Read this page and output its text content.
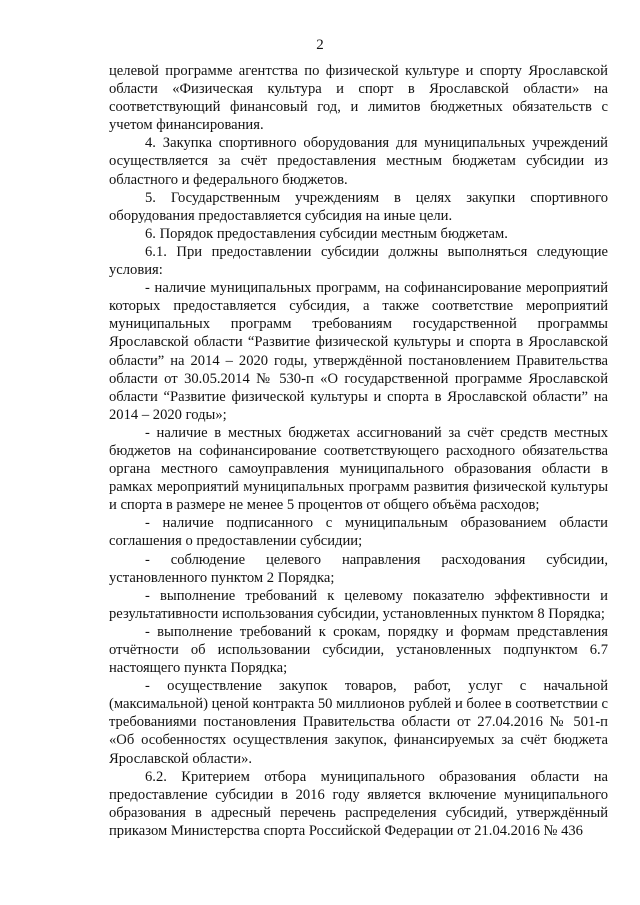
2

целевой программе агентства по физической культуре и спорту Ярославской области «Физическая культура и спорт в Ярославской области» на соответствующий финансовый год, и лимитов бюджетных обязательств с учетом финансирования.

4. Закупка спортивного оборудования для муниципальных учреждений осуществляется за счёт предоставления местным бюджетам субсидии из областного и федерального бюджетов.

5. Государственным учреждениям в целях закупки спортивного оборудования предоставляется субсидия на иные цели.

6. Порядок предоставления субсидии местным бюджетам.

6.1. При предоставлении субсидии должны выполняться следующие условия:

- наличие муниципальных программ, на софинансирование мероприятий которых предоставляется субсидия, а также соответствие мероприятий муниципальных программ требованиям государственной программы Ярославской области “Развитие физической культуры и спорта в Ярославской области” на 2014 – 2020 годы, утверждённой постановлением Правительства области от 30.05.2014 № 530-п «О государственной программе Ярославской области “Развитие физической культуры и спорта в Ярославской области” на 2014 – 2020 годы»;

- наличие в местных бюджетах ассигнований за счёт средств местных бюджетов на софинансирование соответствующего расходного обязательства органа местного самоуправления муниципального образования области в рамках мероприятий муниципальных программ развития физической культуры и спорта в размере не менее 5 процентов от общего объёма расходов;

- наличие подписанного с муниципальным образованием области соглашения о предоставлении субсидии;

- соблюдение целевого направления расходования субсидии, установленного пунктом 2 Порядка;

- выполнение требований к целевому показателю эффективности и результативности использования субсидии, установленных пунктом 8 Порядка;

- выполнение требований к срокам, порядку и формам представления отчётности об использовании субсидии, установленных подпунктом 6.7 настоящего пункта Порядка;

- осуществление закупок товаров, работ, услуг с начальной (максимальной) ценой контракта 50 миллионов рублей и более в соответствии с требованиями постановления Правительства области от 27.04.2016 № 501-п «Об особенностях осуществления закупок, финансируемых за счёт бюджета Ярославской области».

6.2. Критерием отбора муниципального образования области на предоставление субсидии в 2016 году является включение муниципального образования в адресный перечень распределения субсидий, утверждённый приказом Министерства спорта Российской Федерации от 21.04.2016 № 436
